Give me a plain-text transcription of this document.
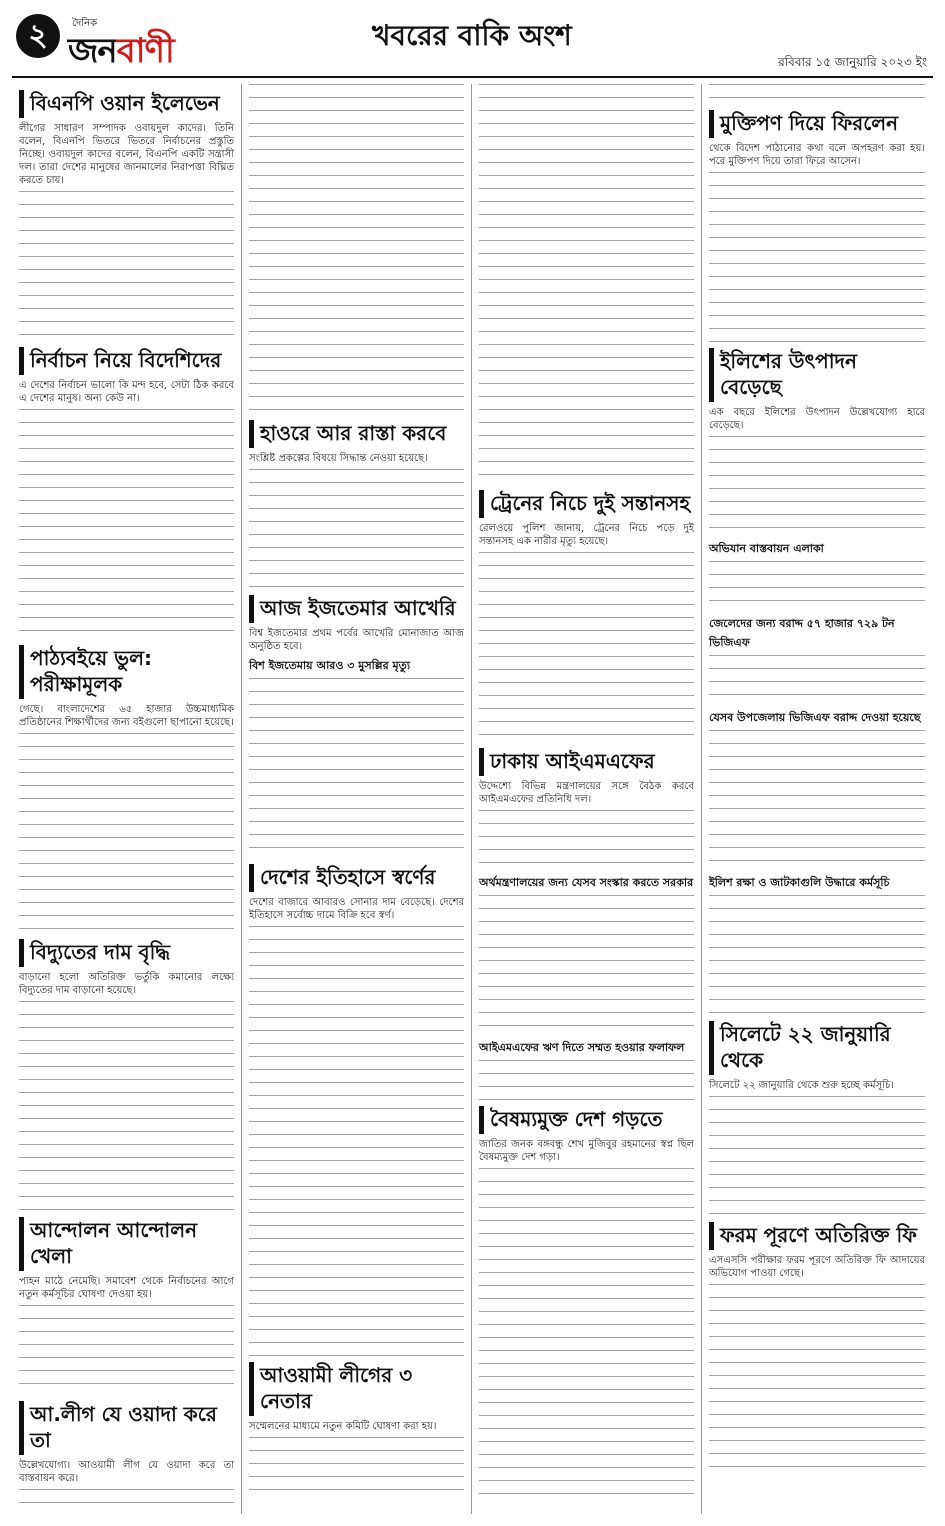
২	দৈনিক
জনবাণী	খবরের বাকি অংশ
রবিবার ১৫ জানুয়ারি ২০২৩ ইং
বিএনপি ওয়ান ইলেভেন

লীগের সাধারণ সম্পাদক ওবায়দুল কাদের। তিনি বলেন, বিএনপি ভিতরে ভিতরে নির্বাচনের প্রস্তুতি নিচ্ছে। ওবায়দুল কাদের বলেন, বিএনপি একটি সন্ত্রাসী দল। তারা দেশের মানুষের জানমালের নিরাপত্তা বিঘ্নিত করতে চায়।

নির্বাচন নিয়ে বিদেশিদের

এ দেশের নির্বাচন ভালো কি মন্দ হবে, সেটা ঠিক করবে এ দেশের মানুষ। অন্য কেউ না।

পাঠ্যবইয়ে ভুল: পরীক্ষামূলক

গেছে। বাংলাদেশের ৬৫ হাজার উচ্চমাধ্যমিক প্রতিষ্ঠানের শিক্ষার্থীদের জন্য বইগুলো ছাপানো হয়েছে।

বিদ্যুতের দাম বৃদ্ধি

বাড়ানো হলো অতিরিক্ত ভর্তুকি কমানোর লক্ষ্যে বিদ্যুতের দাম বাড়ানো হয়েছে।

আন্দোলন আন্দোলন খেলা

পাহন মাঠে নেমেছি। সমাবেশ থেকে নির্বাচনের আগে নতুন কর্মসূচির ঘোষণা দেওয়া হয়।

আ.লীগ যে ওয়াদা করে তা

উল্লেখযোগ্য। আওয়ামী লীগ যে ওয়াদা করে তা বাস্তবায়ন করে।

হাওরে আর রাস্তা করবে

সংশ্লিষ্ট প্রকল্পের বিষয়ে সিদ্ধান্ত নেওয়া হয়েছে।

আজ ইজতেমার আখেরি

বিশ্ব ইজতেমার প্রথম পর্বের আখেরি মোনাজাত আজ অনুষ্ঠিত হবে।

বিশ ইজতেমায় আরও ৩ মুসল্লির মৃত্যু
দেশের ইতিহাসে স্বর্ণের

দেশের বাজারে আবারও সোনার দাম বেড়েছে। দেশের ইতিহাসে সর্বোচ্চ দামে বিক্রি হবে স্বর্ণ।

আওয়ামী লীগের ৩ নেতার

সম্মেলনের মাধ্যমে নতুন কমিটি ঘোষণা করা হয়।

ট্রেনের নিচে দুই সন্তানসহ

রেলওয়ে পুলিশ জানায়, ট্রেনের নিচে পড়ে দুই সন্তানসহ এক নারীর মৃত্যু হয়েছে।

ঢাকায় আইএমএফের

উদ্দেশ্যে বিভিন্ন মন্ত্রণালয়ের সঙ্গে বৈঠক করবে আইএমএফের প্রতিনিধি দল।

অর্থমন্ত্রণালয়ের জন্য যেসব সংস্কার করতে সরকার
আইএমএফের ঋণ দিতে সম্মত হওয়ার ফলাফল
বৈষম্যমুক্ত দেশ গড়তে

জাতির জনক বঙ্গবন্ধু শেখ মুজিবুর রহমানের স্বপ্ন ছিল বৈষম্যমুক্ত দেশ গড়া।

মুক্তিপণ দিয়ে ফিরলেন

থেকে বিদেশ পাঠানোর কথা বলে অপহরণ করা হয়। পরে মুক্তিপণ দিয়ে তারা ফিরে আসেন।

ইলিশের উৎপাদন বেড়েছে

এক বছরে ইলিশের উৎপাদন উল্লেখযোগ্য হারে বেড়েছে।

অভিযান বাস্তবায়ন এলাকা
জেলেদের জন্য বরাদ্দ ৫৭ হাজার ৭২৯ টন ভিজিএফ
যেসব উপজেলায় ভিজিএফ বরাদ্দ দেওয়া হয়েছে
ইলিশ রক্ষা ও জাটকাগুলি উদ্ধারে কর্মসূচি
সিলেটে ২২ জানুয়ারি থেকে

সিলেটে ২২ জানুয়ারি থেকে শুরু হচ্ছে কর্মসূচি।

ফরম পূরণে অতিরিক্ত ফি

এসএসসি পরীক্ষার ফরম পূরণে অতিরিক্ত ফি আদায়ের অভিযোগ পাওয়া গেছে।
